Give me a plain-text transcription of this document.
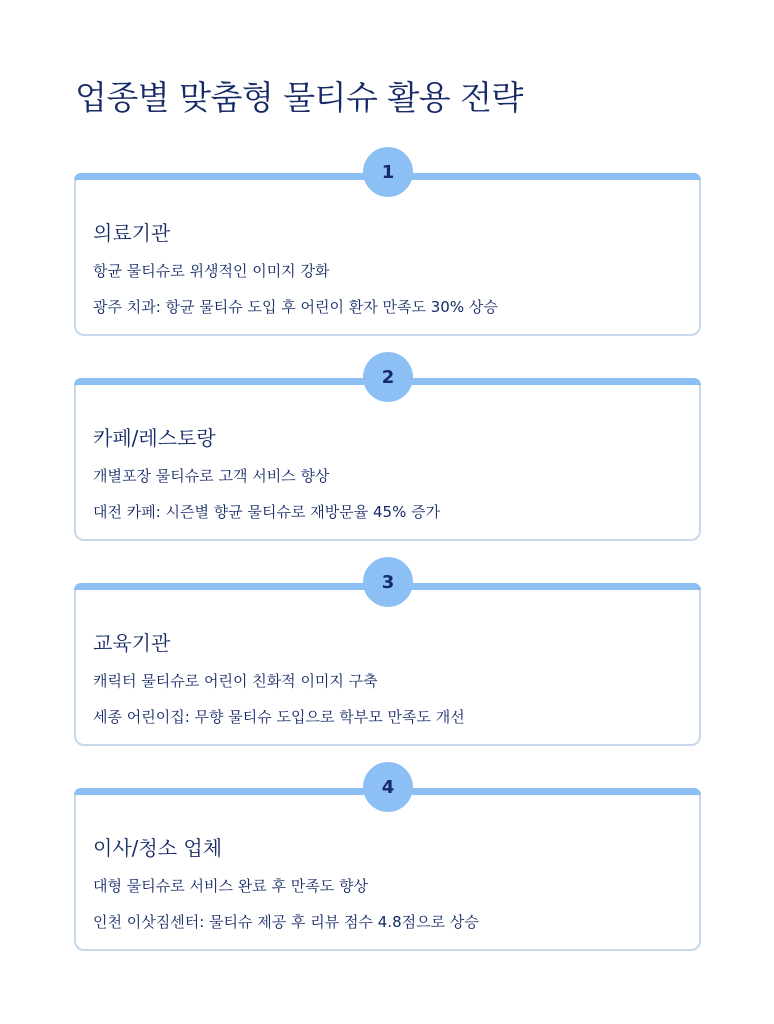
업종별 맞춤형 물티슈 활용 전략
1
의료기관
항균 물티슈로 위생적인 이미지 강화
광주 치과: 항균 물티슈 도입 후 어린이 환자 만족도 30% 상승
2
카페/레스토랑
개별포장 물티슈로 고객 서비스 향상
대전 카페: 시즌별 향균 물티슈로 재방문율 45% 증가
3
교육기관
캐릭터 물티슈로 어린이 친화적 이미지 구축
세종 어린이집: 무향 물티슈 도입으로 학부모 만족도 개선
4
이사/청소 업체
대형 물티슈로 서비스 완료 후 만족도 향상
인천 이삿짐센터: 물티슈 제공 후 리뷰 점수 4.8점으로 상승
